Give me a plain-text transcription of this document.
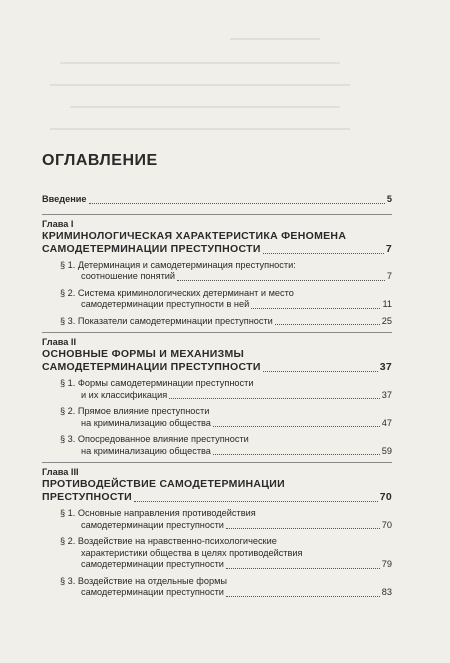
ОГЛАВЛЕНИЕ
Введение	5
Глава I
КРИМИНОЛОГИЧЕСКАЯ ХАРАКТЕРИСТИКА ФЕНОМЕНА
САМОДЕТЕРМИНАЦИИ ПРЕСТУПНОСТИ	7
§ 1. Детерминация и самодетерминация преступности:
соотношение понятий	7
§ 2. Система криминологических детерминант и место
самодетерминации преступности в ней	11
§ 3. Показатели самодетерминации преступности	25
Глава II
ОСНОВНЫЕ ФОРМЫ И МЕХАНИЗМЫ
САМОДЕТЕРМИНАЦИИ ПРЕСТУПНОСТИ	37
§ 1. Формы самодетерминации преступности
и их классификация	37
§ 2. Прямое влияние преступности
на криминализацию общества	47
§ 3. Опосредованное влияние преступности
на криминализацию общества	59
Глава III
ПРОТИВОДЕЙСТВИЕ САМОДЕТЕРМИНАЦИИ
ПРЕСТУПНОСТИ	70
§ 1. Основные направления противодействия
самодетерминации преступности	70
§ 2. Воздействие на нравственно-психологические
характеристики общества в целях противодействия
самодетерминации преступности	79
§ 3. Воздействие на отдельные формы
самодетерминации преступности	83
